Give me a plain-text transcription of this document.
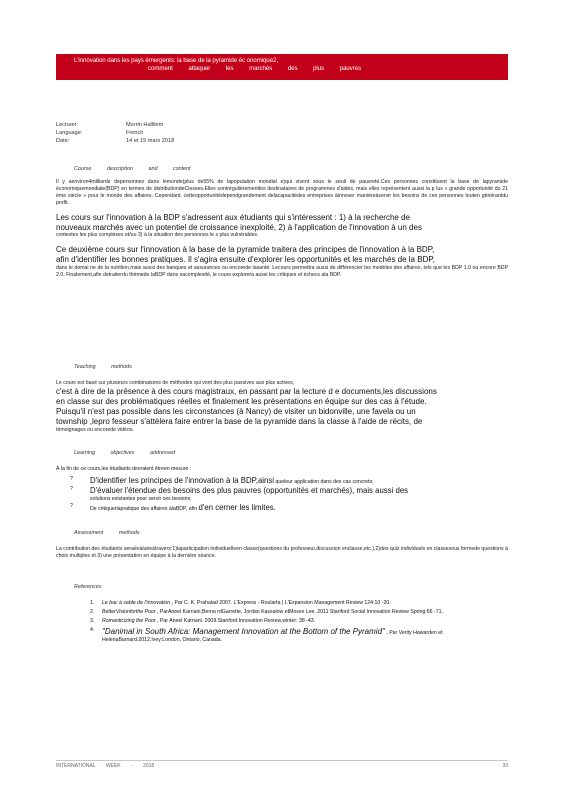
L'innovation dans les pays émergents: la base de la pyramide éc onomique2,
comment attaquer les marchés des plus pauvres
Lecturer:	Morrin Hallilem
Language:	French
Date:	14 et 15 mars 2018
Course description and content

Il y aenviron4milliards depersonnes dans lemonde(plus de55% de lapopulation mondial e)qui vivent sous le seuil de pauvreté.Ces personnes constituent la base de lapyramide économiquemondiale(BDP) en termes de distributiondeClesses.Elles sontrégulièrementles destinataires de programmes d'aides, mais elles représentent aussi la p lus « grande opportunité du 21 ème siècle » pour le monde des affaires. Cependant, cetteopportunitédependgrandement delacapacitédes entreprises àinnover manièreàservir les besoins de ces personnes touten générantdu profit.

Les cours sur l'innovation à la BDP s'adressent aux étudiants qui s'intéressent : 1) à la recherche de

nouveaux marchés avec un potentiel de croissance inexploité, 2) à l'application de l'innovation à un des

contextes les plus complexes et/ou 3) à la situation des personnes le s plus vulnérables.

Ce deuxième cours sur l'innovation à la base de la pyramide traitera des principes de l'innovation à la BDP,

afin d'identifier les bonnes pratiques. Il s'agira ensuite d'explorer les opportunités et les marchés de la BDP,

dans le domai ne de la nutrition,mais aussi des banques et assurances ou encorede lasanté. Lecours permettra aussi de différencier les modèles des affaires, tels que les BDP 1.0 ou encore BDP 2.0. Finalement,afin detraiterdu thèmede laBDP dans sacomplexité, le cours explorera aussi les critiques et échecs ala BDP.

Teaching methods

Le cours est basé sur plusieurs combinaisons de méthodes qui vont des plus passives aux plus actives,

c'est à dire de la présence à des cours magistraux, en passant par la lecture d e documents,les discussions

en classe sur des problématiques réelles et finalement les présentations en équipe sur des cas à l'étude.

Puisqu'il n'est pas possible dans les circonstances (à Nancy) de visiter un bidonville, une favela ou un

township ,lepro fesseur s'attèlera faire entrer la base de la pyramide dans la classe à l'aide de récits, de

témoignages ou encorede vidéos.

Learning objectives addressed

À la fin de ce cours,les étudiants devraient êtreen mesure :

? D'identifier les principes de l'innovation à la BDP,ainsi queleur application dans des cas concrets;
? D'évaluer l'étendue des besoins des plus pauvres (opportunités et marchés), mais aussi des
solutions existantes pour servir ces besoins;
?	De critiquerlapratique des affaires àlaBDP, afin d'en cerner les limites.
Assessment methods

La contribution des étudiants seraévaluéeàtravers:1)laparticipation individuelleen classe(questions du professeur,discussion enclasse,etc.),2)des quiz individuels en classesous formede questions à choix multiples et 3) une présentation en équipe à la dernière séance.

References
1. Le bac à sable de l'innovation , Par C. K. Prahalad 2007. L'Express - Roularta | L'Expansion Management Review 124:10 -20.
2. BetterVisionforthe Poor , ParAneel Karnani,Berna rdGarrette, Jordan Kassalow etMoses Lee. 2011 Stanford Social Innovation Review Spring:66 -71.
3. Romanticizing the Poor , Par Aneel Karnani. 2009.Stanford Innovation Review,winter: 38 -43.
4. "Danimal in South Africa: Management Innovation at the Bottom of the Pyramid" , Par Verity Hawarden et HelenaBarnard.2012.Ivey:London, Ontario, Canada.
INTERNATIONAL WEEK - 2018	33
